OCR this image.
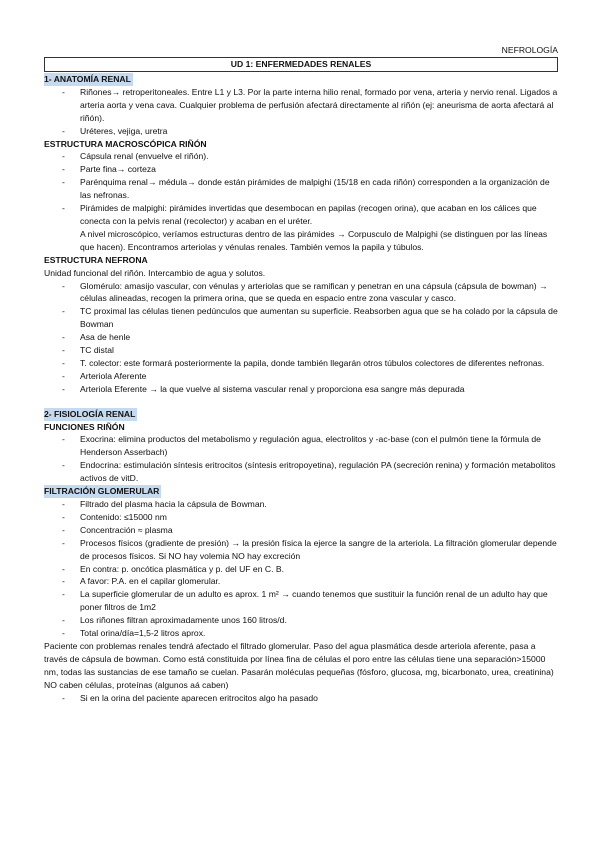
NEFROLOGÍA
UD 1: ENFERMEDADES RENALES
1- ANATOMÍA RENAL
- Riñones→ retroperitoneales. Entre L1 y L3. Por la parte interna hilio renal, formado por vena, arteria y nervio renal. Ligados a arteria aorta y vena cava. Cualquier problema de perfusión afectará directamente al riñón (ej: aneurisma de aorta afectará al riñón).
- Uréteres, vejiga, uretra
ESTRUCTURA MACROSCÓPICA RIÑÓN
- Cápsula renal (envuelve el riñón).
- Parte fina→ corteza
- Parénquima renal→ médula→ donde están pirámides de malpighi (15/18 en cada riñón) corresponden a la organización de las nefronas.
- Pirámides de malpighi: pirámides invertidas que desembocan en papilas (recogen orina), que acaban en los cálices que conecta con la pelvis renal (recolector) y acaban en el uréter.
A nivel microscópico, veríamos estructuras dentro de las pirámides → Corpusculo de Malpighi (se distinguen por las líneas que hacen). Encontramos arteriolas y vénulas renales. También vemos la papila y túbulos.
ESTRUCTURA NEFRONA
Unidad funcional del riñón. Intercambio de agua y solutos.
- Glomérulo: amasijo vascular, con vénulas y arteriolas que se ramifican y penetran en una cápsula (cápsula de bowman) → células alineadas, recogen la primera orina, que se queda en espacio entre zona vascular y casco.
- TC proximal las células tienen pedúnculos que aumentan su superficie. Reabsorben agua que se ha colado por la cápsula de Bowman
- Asa de henle
- TC distal
- T. colector: este formará posteriormente la papila, donde también llegarán otros túbulos colectores de diferentes nefronas.
- Arteriola Aferente
- Arteriola Eferente → la que vuelve al sistema vascular renal y proporciona esa sangre más depurada
2- FISIOLOGÍA RENAL
FUNCIONES RIÑÓN
- Exocrina: elimina productos del metabolismo y regulación agua, electrolitos y -ac-base (con el pulmón tiene la fórmula de Henderson Asserbach)
- Endocrina: estimulación síntesis eritrocitos (síntesis eritropoyetina), regulación PA (secreción renina) y formación metabolitos activos de vitD.
FILTRACIÓN GLOMERULAR
- Filtrado del plasma hacia la cápsula de Bowman.
- Contenido: ≤15000 nm
- Concentración ≈ plasma
- Procesos físicos (gradiente de presión) → la presión física la ejerce la sangre de la arteriola. La filtración glomerular depende de procesos físicos. Si NO hay volemia NO hay excreción
- En contra: p. oncótica plasmática y p. del UF en C. B.
- A favor: P.A. en el capilar glomerular.
- La superficie glomerular de un adulto es aprox. 1 m² → cuando tenemos que sustituir la función renal de un adulto hay que poner filtros de 1m2
- Los riñones filtran aproximadamente unos 160 litros/d.
- Total orina/día=1,5-2 litros aprox.
Paciente con problemas renales tendrá afectado el filtrado glomerular. Paso del agua plasmática desde arteriola aferente, pasa a través de cápsula de bowman. Como está constituida por línea fina de células el poro entre las células tiene una separación>15000 nm, todas las sustancias de ese tamaño se cuelan. Pasarán moléculas pequeñas (fósforo, glucosa, mg, bicarbonato, urea, creatinina) NO caben células, proteínas (algunos aá caben)
- Si en la orina del paciente aparecen eritrocitos algo ha pasado
